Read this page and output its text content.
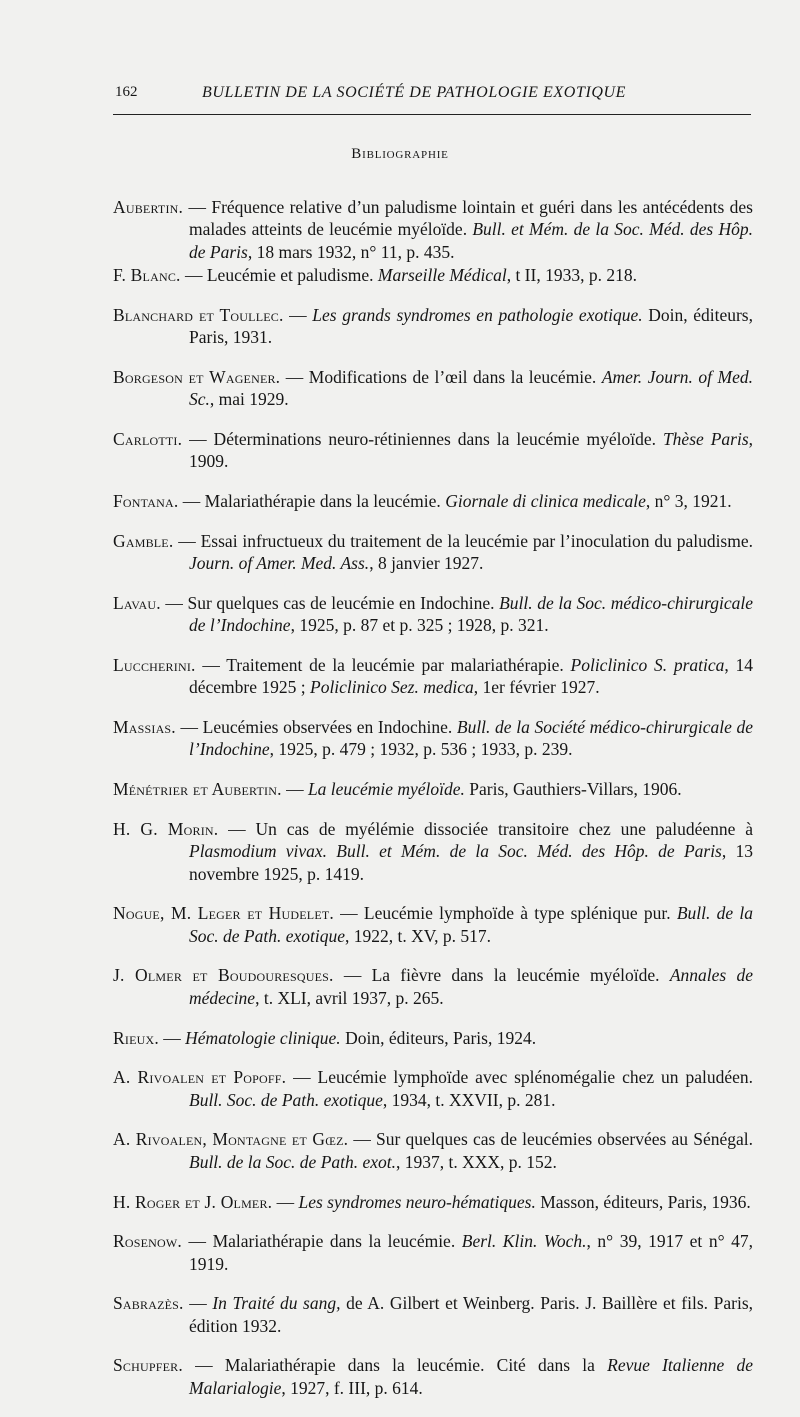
162	BULLETIN DE LA SOCIÉTÉ DE PATHOLOGIE EXOTIQUE
Bibliographie

Aubertin. — Fréquence relative d’un paludisme lointain et guéri dans les antécédents des malades atteints de leucémie myéloïde. Bull. et Mém. de la Soc. Méd. des Hôp. de Paris, 18 mars 1932, n° 11, p. 435.

F. Blanc. — Leucémie et paludisme. Marseille Médical, t II, 1933, p. 218.

Blanchard et Toullec. — Les grands syndromes en pathologie exotique. Doin, éditeurs, Paris, 1931.

Borgeson et Wagener. — Modifications de l’œil dans la leucémie. Amer. Journ. of Med. Sc., mai 1929.

Carlotti. — Déterminations neuro-rétiniennes dans la leucémie myéloïde. Thèse Paris, 1909.

Fontana. — Malariathérapie dans la leucémie. Giornale di clinica medicale, n° 3, 1921.

Gamble. — Essai infructueux du traitement de la leucémie par l’inoculation du paludisme. Journ. of Amer. Med. Ass., 8 janvier 1927.

Lavau. — Sur quelques cas de leucémie en Indochine. Bull. de la Soc. médico-chirurgicale de l’Indochine, 1925, p. 87 et p. 325 ; 1928, p. 321.

Luccherini. — Traitement de la leucémie par malariathérapie. Policlinico S. pratica, 14 décembre 1925 ; Policlinico Sez. medica, 1er février 1927.

Massias. — Leucémies observées en Indochine. Bull. de la Société médico-chirurgicale de l’Indochine, 1925, p. 479 ; 1932, p. 536 ; 1933, p. 239.

Ménétrier et Aubertin. — La leucémie myéloïde. Paris, Gauthiers-Villars, 1906.

H. G. Morin. — Un cas de myélémie dissociée transitoire chez une paludéenne à Plasmodium vivax. Bull. et Mém. de la Soc. Méd. des Hôp. de Paris, 13 novembre 1925, p. 1419.

Nogue, M. Leger et Hudelet. — Leucémie lymphoïde à type splénique pur. Bull. de la Soc. de Path. exotique, 1922, t. XV, p. 517.

J. Olmer et Boudouresques. — La fièvre dans la leucémie myéloïde. Annales de médecine, t. XLI, avril 1937, p. 265.

Rieux. — Hématologie clinique. Doin, éditeurs, Paris, 1924.

A. Rivoalen et Popoff. — Leucémie lymphoïde avec splénomégalie chez un paludéen. Bull. Soc. de Path. exotique, 1934, t. XXVII, p. 281.

A. Rivoalen, Montagne et Gœz. — Sur quelques cas de leucémies observées au Sénégal. Bull. de la Soc. de Path. exot., 1937, t. XXX, p. 152.

H. Roger et J. Olmer. — Les syndromes neuro-hématiques. Masson, éditeurs, Paris, 1936.

Rosenow. — Malariathérapie dans la leucémie. Berl. Klin. Woch., n° 39, 1917 et n° 47, 1919.

Sabrazès. — In Traité du sang, de A. Gilbert et Weinberg. Paris. J. Baillère et fils. Paris, édition 1932.

Schupfer. — Malariathérapie dans la leucémie. Cité dans la Revue Italienne de Malarialogie, 1927, f. III, p. 614.
